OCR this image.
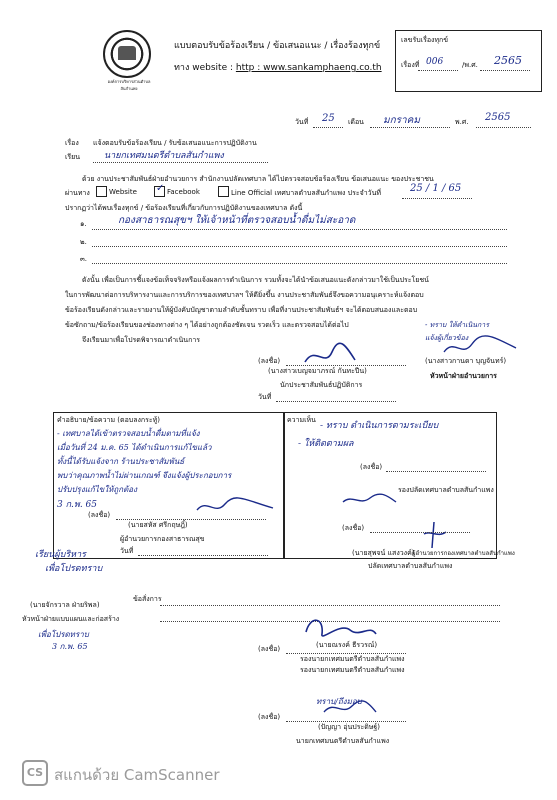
องค์การบริหารส่วนตำบลสันกำแพง
แบบตอบรับข้อร้องเรียน / ข้อเสนอแนะ / เรื่องร้องทุกข์
ทาง website : http : www.sankamphaeng.co.th
เลขรับเรื่องทุกข์
เรื่องที่ 006	/พ.ศ. 2565
วันที่ 25 เดือน มกราคม	พ.ศ. 2565
เรื่อง แจ้งตอบรับข้อร้องเรียน / รับข้อเสนอแนะการปฏิบัติงาน
เรียน	นายกเทศมนตรีตำบลสันกำแพง
ด้วย งานประชาสัมพันธ์ฝ่ายอำนวยการ สำนักงานปลัดเทศบาล ได้ไปตรวจสอบข้อร้องเรียน ข้อเสนอแนะ ของประชาชน
ผ่านทาง	Website ✓ Facebook	Line Official เทศบาลตำบลสันกำแพง ประจำวันที่	25 / 1 / 65
ปรากฏว่าได้พบเรื่องทุกข์ / ข้อร้องเรียนที่เกี่ยวกับการปฏิบัติงานของเทศบาล ดังนี้
๑.	กองสาธารณสุขฯ ให้เจ้าหน้าที่ตรวจสอบน้ำดื่มไม่สะอาด
๒.
๓.
ดังนั้น เพื่อเป็นการชี้แจงข้อเท็จจริงหรือแจ้งผลการดำเนินการ รวมทั้งจะได้นำข้อเสนอแนะดังกล่าวมาใช้เป็นประโยชน์
ในการพัฒนาต่อการบริหารงานและการบริการของเทศบาลฯ ให้ดียิ่งขึ้น งานประชาสัมพันธ์จึงขอความอนุเคราะห์แจ้งตอบ
ข้อร้องเรียนดังกล่าวและรายงานให้ผู้บังคับบัญชาตามลำดับชั้นทราบ เพื่อที่งานประชาสัมพันธ์ฯ จะได้ตอบสนองและตอบ
ข้อซักถาม/ข้อร้องเรียนของช่องทางต่าง ๆ ได้อย่างถูกต้องชัดเจน รวดเร็ว และตรวจสอบได้ต่อไป
จึงเรียนมาเพื่อโปรดพิจารณาดำเนินการ
- ทราบ ให้ดำเนินการ
แจ้งผู้เกี่ยวข้อง
(ลงชื่อ)
(นางสาวเบญจมาภรณ์ กันทะปีน)
นักประชาสัมพันธ์ปฏิบัติการ
วันที่
(นางสาวกานดา บุญจันทร์)
หัวหน้าฝ่ายอำนวยการ
คำอธิบาย/ข้อความ (ตอบลงกระทู้)
- เทศบาลได้เข้าตรวจสอบน้ำดื่มตามที่แจ้ง
เมื่อวันที่ 24 ม.ค. 65 ได้ดำเนินการแก้ไขแล้ว
ทั้งนี้ได้รับแจ้งจาก ร้านประชาสัมพันธ์
พบว่าคุณภาพน้ำไม่ผ่านเกณฑ์ จึงแจ้งผู้ประกอบการ
ปรับปรุงแก้ไขให้ถูกต้อง
3 ก.พ. 65
(ลงชื่อ)
(นายสหัส ศรีกฤษฎิ์)
ผู้อำนวยการกองสาธารณสุข
วันที่
ความเห็น
- ทราบ ดำเนินการตามระเบียบ
- ให้ติดตามผล
(ลงชื่อ)
รองปลัดเทศบาลตำบลสันกำแพง
(ลงชื่อ)
(นายสุพจน์ แสงวงค์)
ผู้อำนวยการกองเทศบาลตำบลสันกำแพง
ปลัดเทศบาลตำบลสันกำแพง
เรียนผู้บริหาร
เพื่อโปรดทราบ
(นายจักรวาล ฝ่ายริพล)
หัวหน้าฝ่ายแบบแผนและก่อสร้าง
เพื่อโปรดทราบ
3 ก.พ. 65
ข้อสั่งการ
(ลงชื่อ)	(นายณรงค์ ธีรวรณ์)
รองนายกเทศมนตรีตำบลสันกำแพง
รองนายกเทศมนตรีตำบลสันกำแพง
ทราบ/ถึงมอบ
(ลงชื่อ)
(ปัญญา อุ่นประดิษฐ์)
นายกเทศมนตรีตำบลสันกำแพง
CS สแกนด้วย CamScanner
